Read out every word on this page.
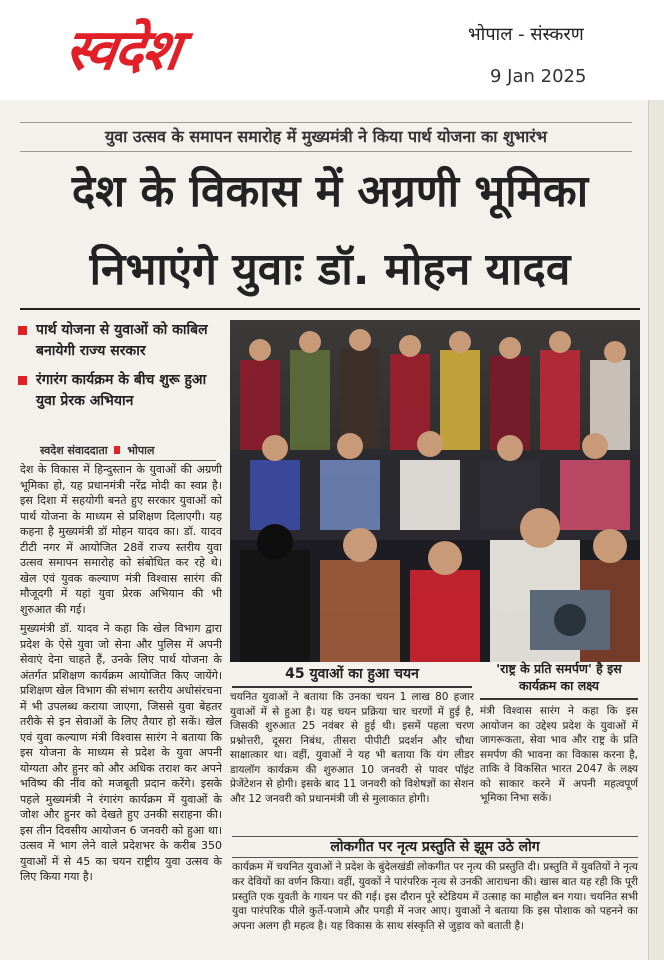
स्वदेश	भोपाल - संस्करण
9 Jan 2025
युवा उत्सव के समापन समारोह में मुख्यमंत्री ने किया पार्थ योजना का शुभारंभ
देश के विकास में अग्रणी भूमिका
निभाएंगे युवाः डॉ. मोहन यादव
पार्थ योजना से युवाओं को काबिल बनायेगी राज्य सरकार
रंगारंग कार्यक्रम के बीच शुरू हुआ युवा प्रेरक अभियान
स्वदेश संवाददाता भोपाल

देश के विकास में हिन्दुस्तान के युवाओं की अग्रणी भूमिका हो, यह प्रधानमंत्री नरेंद्र मोदी का स्वप्न है। इस दिशा में सहयोगी बनते हुए सरकार युवाओं को पार्थ योजना के माध्यम से प्रशिक्षण दिलाएगी। यह कहना है मुख्यमंत्री डॉ मोहन यादव का। डॉ. यादव टीटी नगर में आयोजित 28वें राज्य स्तरीय युवा उत्सव समापन समारोह को संबोधित कर रहे थे। खेल एवं युवक कल्याण मंत्री विश्वास सारंग की मौजूदगी में यहां युवा प्रेरक अभियान की भी शुरुआत की गई।

मुख्यमंत्री डॉ. यादव ने कहा कि खेल विभाग द्वारा प्रदेश के ऐसे युवा जो सेना और पुलिस में अपनी सेवाएं देना चाहते हैं, उनके लिए पार्थ योजना के अंतर्गत प्रशिक्षण कार्यक्रम आयोजित किए जायेंगे। प्रशिक्षण खेल विभाग की संभाग स्तरीय अधोसंरचना में भी उपलब्ध कराया जाएगा, जिससे युवा बेहतर तरीके से इन सेवाओं के लिए तैयार हो सकें। खेल एवं युवा कल्याण मंत्री विश्वास सारंग ने बताया कि इस योजना के माध्यम से प्रदेश के युवा अपनी योग्यता और हुनर को और अधिक तराश कर अपने भविष्य की नींव को मजबूती प्रदान करेंगे। इसके पहले मुख्यमंत्री ने रंगारंग कार्यक्रम में युवाओं के जोश और हुनर को देखते हुए उनकी सराहना की। इस तीन दिवसीय आयोजन 6 जनवरी को हुआ था। उत्सव में भाग लेने वाले प्रदेशभर के करीब 350 युवाओं में से 45 का चयन राष्ट्रीय युवा उत्सव के लिए किया गया है।

45 युवाओं का हुआ चयन
चयनित युवाओं ने बताया कि उनका चयन 1 लाख 80 हजार युवाओं में से हुआ है। यह चयन प्रक्रिया चार चरणों में हुई है, जिसकी शुरुआत 25 नवंबर से हुई थी। इसमें पहला चरण प्रश्नोत्तरी, दूसरा निबंध, तीसरा पीपीटी प्रदर्शन और चौथा साक्षात्कार था। वहीं, युवाओं ने यह भी बताया कि यंग लीडर डायलॉग कार्यक्रम की शुरुआत 10 जनवरी से पावर पॉइंट प्रेजेंटेशन से होगी। इसके बाद 11 जनवरी को विशेषज्ञों का सेशन और 12 जनवरी को प्रधानमंत्री जी से मुलाकात होगी।
'राष्ट्र के प्रति समर्पण' है इस कार्यक्रम का लक्ष्य
मंत्री विश्वास सारंग ने कहा कि इस आयोजन का उद्देश्य प्रदेश के युवाओं में जागरूकता, सेवा भाव और राष्ट्र के प्रति समर्पण की भावना का विकास करना है, ताकि वे विकसित भारत 2047 के लक्ष्य को साकार करने में अपनी महत्वपूर्ण भूमिका निभा सकें।
लोकगीत पर नृत्य प्रस्तुति से झूम उठे लोग
कार्यक्रम में चयनित युवाओं ने प्रदेश के बुंदेलखंडी लोकगीत पर नृत्य की प्रस्तुति दी। प्रस्तुति में युवतियों ने नृत्य कर देवियों का वर्णन किया। वहीं, युवकों ने पारंपरिक नृत्य से उनकी आराधना की। खास बात यह रही कि पूरी प्रस्तुति एक युवती के गायन पर की गई। इस दौरान पूरे स्टेडियम में उत्साह का माहौल बन गया। चयनित सभी युवा पारंपरिक पीले कुर्ते-पजामे और पगड़ी में नजर आए। युवाओं ने बताया कि इस पोशाक को पहनने का अपना अलग ही महत्व है। यह विकास के साथ संस्कृति से जुड़ाव को बताती है।
